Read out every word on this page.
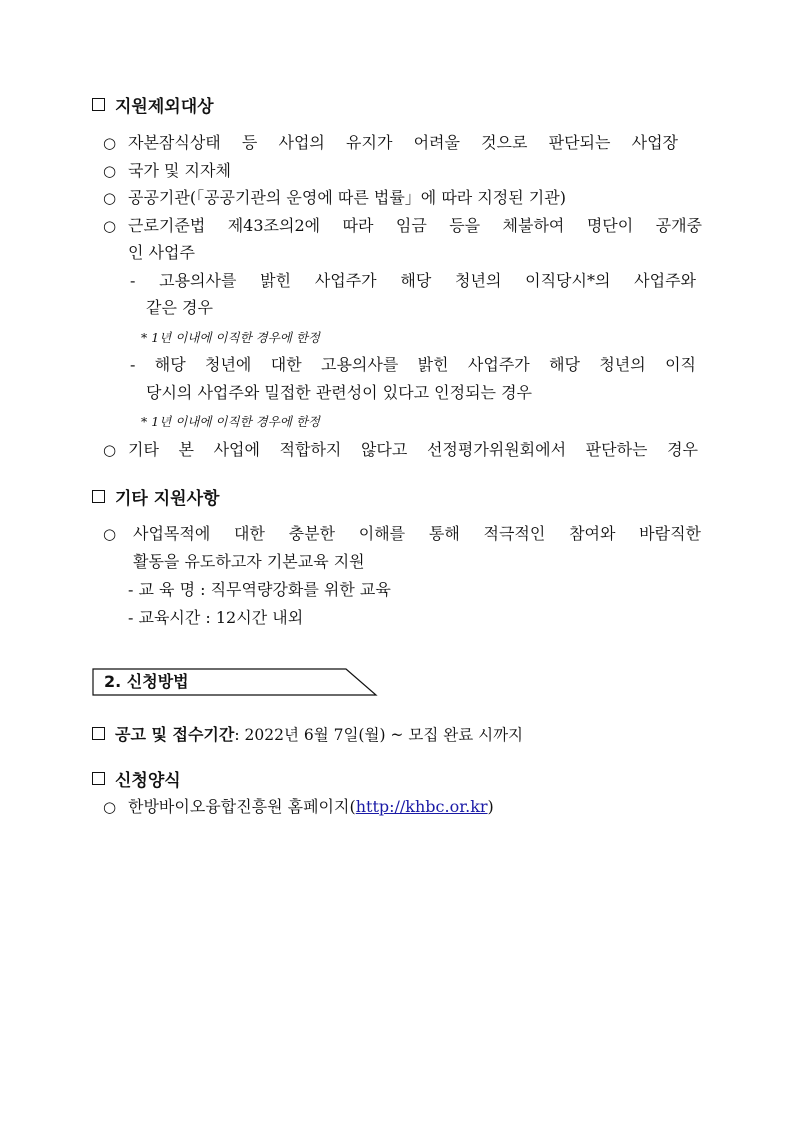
지원제외대상
○ 자본잠식상태 등 사업의 유지가 어려울 것으로 판단되는 사업장
○ 국가 및 지자체
○ 공공기관(「공공기관의 운영에 따른 법률」에 따라 지정된 기관)
○ 근로기준법 제43조의2에 따라 임금 등을 체불하여 명단이 공개중
인 사업주
- 고용의사를 밝힌 사업주가 해당 청년의 이직당시*의 사업주와
같은 경우
* 1년 이내에 이직한 경우에 한정
- 해당 청년에 대한 고용의사를 밝힌 사업주가 해당 청년의 이직
당시의 사업주와 밀접한 관련성이 있다고 인정되는 경우
* 1년 이내에 이직한 경우에 한정
○ 기타 본 사업에 적합하지 않다고 선정평가위원회에서 판단하는 경우
기타 지원사항
○ 사업목적에 대한 충분한 이해를 통해 적극적인 참여와 바람직한
활동을 유도하고자 기본교육 지원
- 교 육 명 : 직무역량강화를 위한 교육
- 교육시간 : 12시간 내외
2. 신청방법
공고 및 접수기간 : 2022년 6월 7일(월) ~ 모집 완료 시까지
신청양식
○ 한방바이오융합진흥원 홈페이지(http://khbc.or.kr)
